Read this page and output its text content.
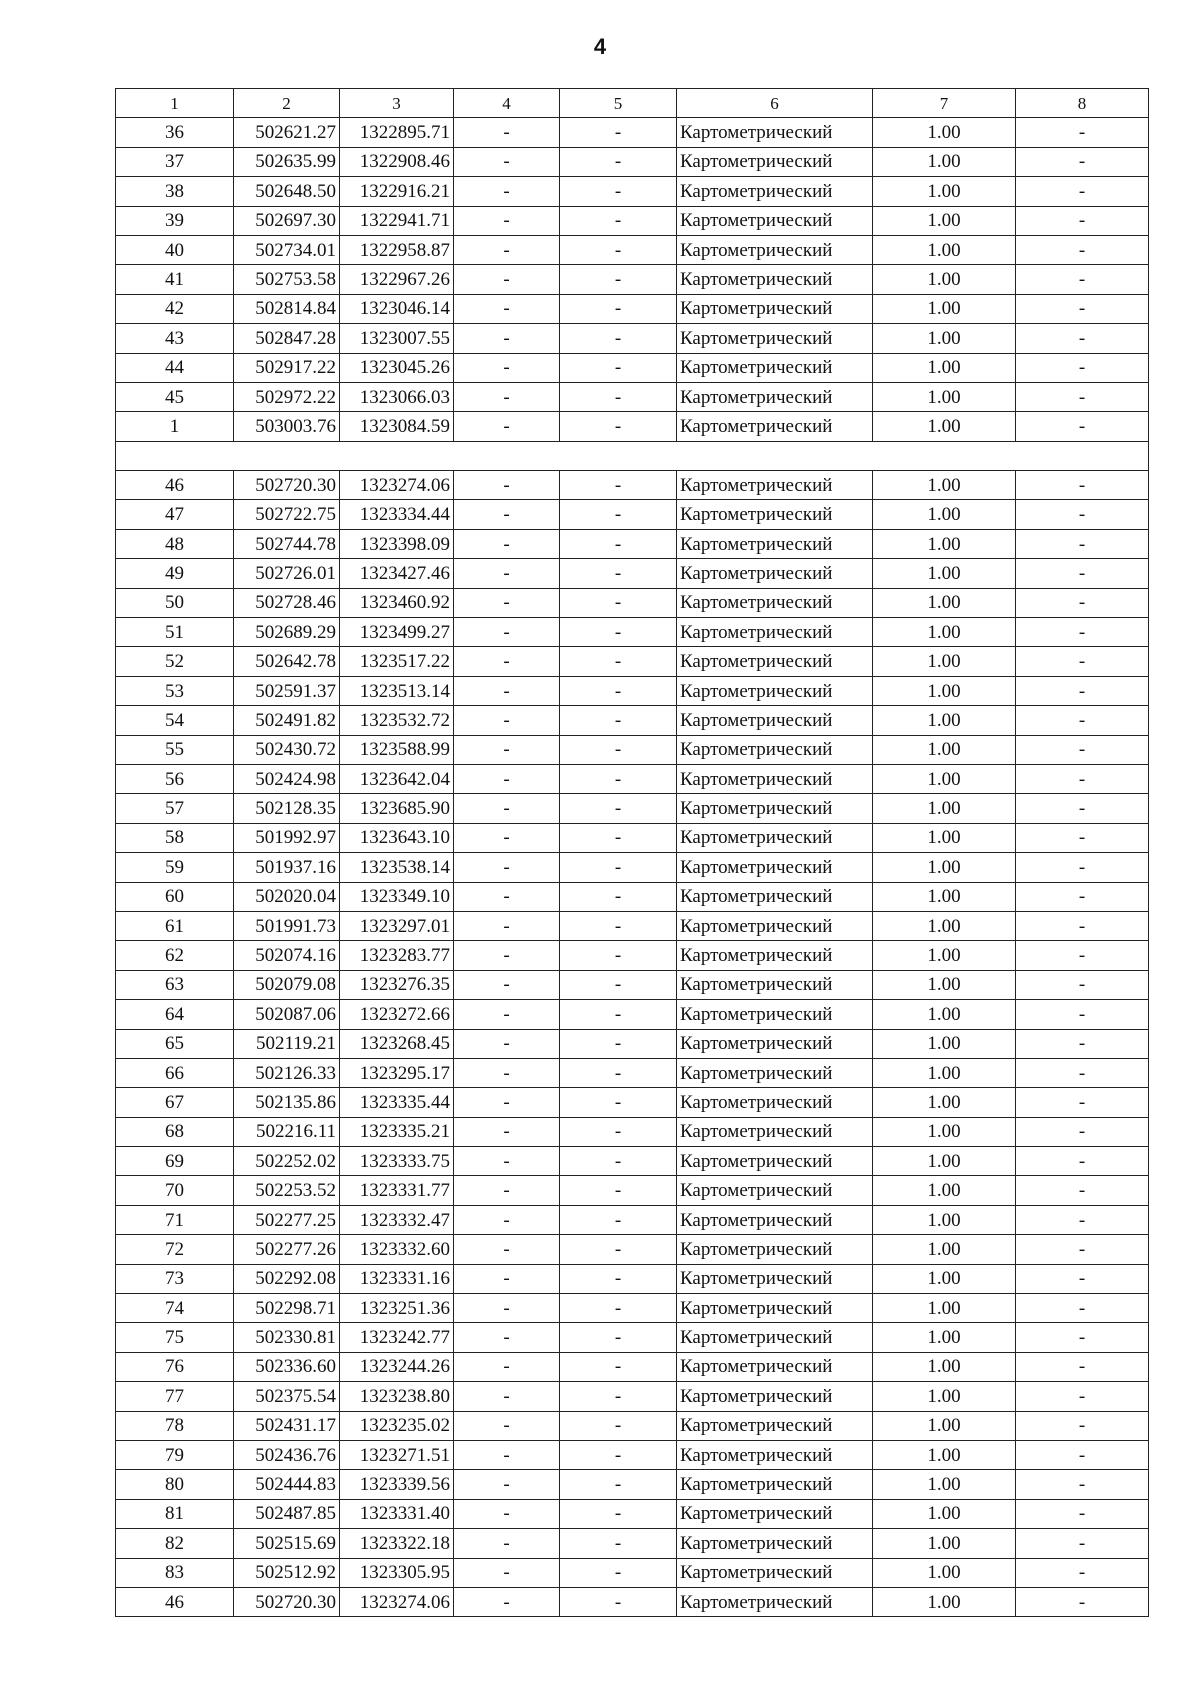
4
1	2	3	4	5	6	7	8
36	502621.27	1322895.71	-	-	Картометрический	1.00	-
37	502635.99	1322908.46	-	-	Картометрический	1.00	-
38	502648.50	1322916.21	-	-	Картометрический	1.00	-
39	502697.30	1322941.71	-	-	Картометрический	1.00	-
40	502734.01	1322958.87	-	-	Картометрический	1.00	-
41	502753.58	1322967.26	-	-	Картометрический	1.00	-
42	502814.84	1323046.14	-	-	Картометрический	1.00	-
43	502847.28	1323007.55	-	-	Картометрический	1.00	-
44	502917.22	1323045.26	-	-	Картометрический	1.00	-
45	502972.22	1323066.03	-	-	Картометрический	1.00	-
1	503003.76	1323084.59	-	-	Картометрический	1.00	-

46	502720.30	1323274.06	-	-	Картометрический	1.00	-
47	502722.75	1323334.44	-	-	Картометрический	1.00	-
48	502744.78	1323398.09	-	-	Картометрический	1.00	-
49	502726.01	1323427.46	-	-	Картометрический	1.00	-
50	502728.46	1323460.92	-	-	Картометрический	1.00	-
51	502689.29	1323499.27	-	-	Картометрический	1.00	-
52	502642.78	1323517.22	-	-	Картометрический	1.00	-
53	502591.37	1323513.14	-	-	Картометрический	1.00	-
54	502491.82	1323532.72	-	-	Картометрический	1.00	-
55	502430.72	1323588.99	-	-	Картометрический	1.00	-
56	502424.98	1323642.04	-	-	Картометрический	1.00	-
57	502128.35	1323685.90	-	-	Картометрический	1.00	-
58	501992.97	1323643.10	-	-	Картометрический	1.00	-
59	501937.16	1323538.14	-	-	Картометрический	1.00	-
60	502020.04	1323349.10	-	-	Картометрический	1.00	-
61	501991.73	1323297.01	-	-	Картометрический	1.00	-
62	502074.16	1323283.77	-	-	Картометрический	1.00	-
63	502079.08	1323276.35	-	-	Картометрический	1.00	-
64	502087.06	1323272.66	-	-	Картометрический	1.00	-
65	502119.21	1323268.45	-	-	Картометрический	1.00	-
66	502126.33	1323295.17	-	-	Картометрический	1.00	-
67	502135.86	1323335.44	-	-	Картометрический	1.00	-
68	502216.11	1323335.21	-	-	Картометрический	1.00	-
69	502252.02	1323333.75	-	-	Картометрический	1.00	-
70	502253.52	1323331.77	-	-	Картометрический	1.00	-
71	502277.25	1323332.47	-	-	Картометрический	1.00	-
72	502277.26	1323332.60	-	-	Картометрический	1.00	-
73	502292.08	1323331.16	-	-	Картометрический	1.00	-
74	502298.71	1323251.36	-	-	Картометрический	1.00	-
75	502330.81	1323242.77	-	-	Картометрический	1.00	-
76	502336.60	1323244.26	-	-	Картометрический	1.00	-
77	502375.54	1323238.80	-	-	Картометрический	1.00	-
78	502431.17	1323235.02	-	-	Картометрический	1.00	-
79	502436.76	1323271.51	-	-	Картометрический	1.00	-
80	502444.83	1323339.56	-	-	Картометрический	1.00	-
81	502487.85	1323331.40	-	-	Картометрический	1.00	-
82	502515.69	1323322.18	-	-	Картометрический	1.00	-
83	502512.92	1323305.95	-	-	Картометрический	1.00	-
46	502720.30	1323274.06	-	-	Картометрический	1.00	-
